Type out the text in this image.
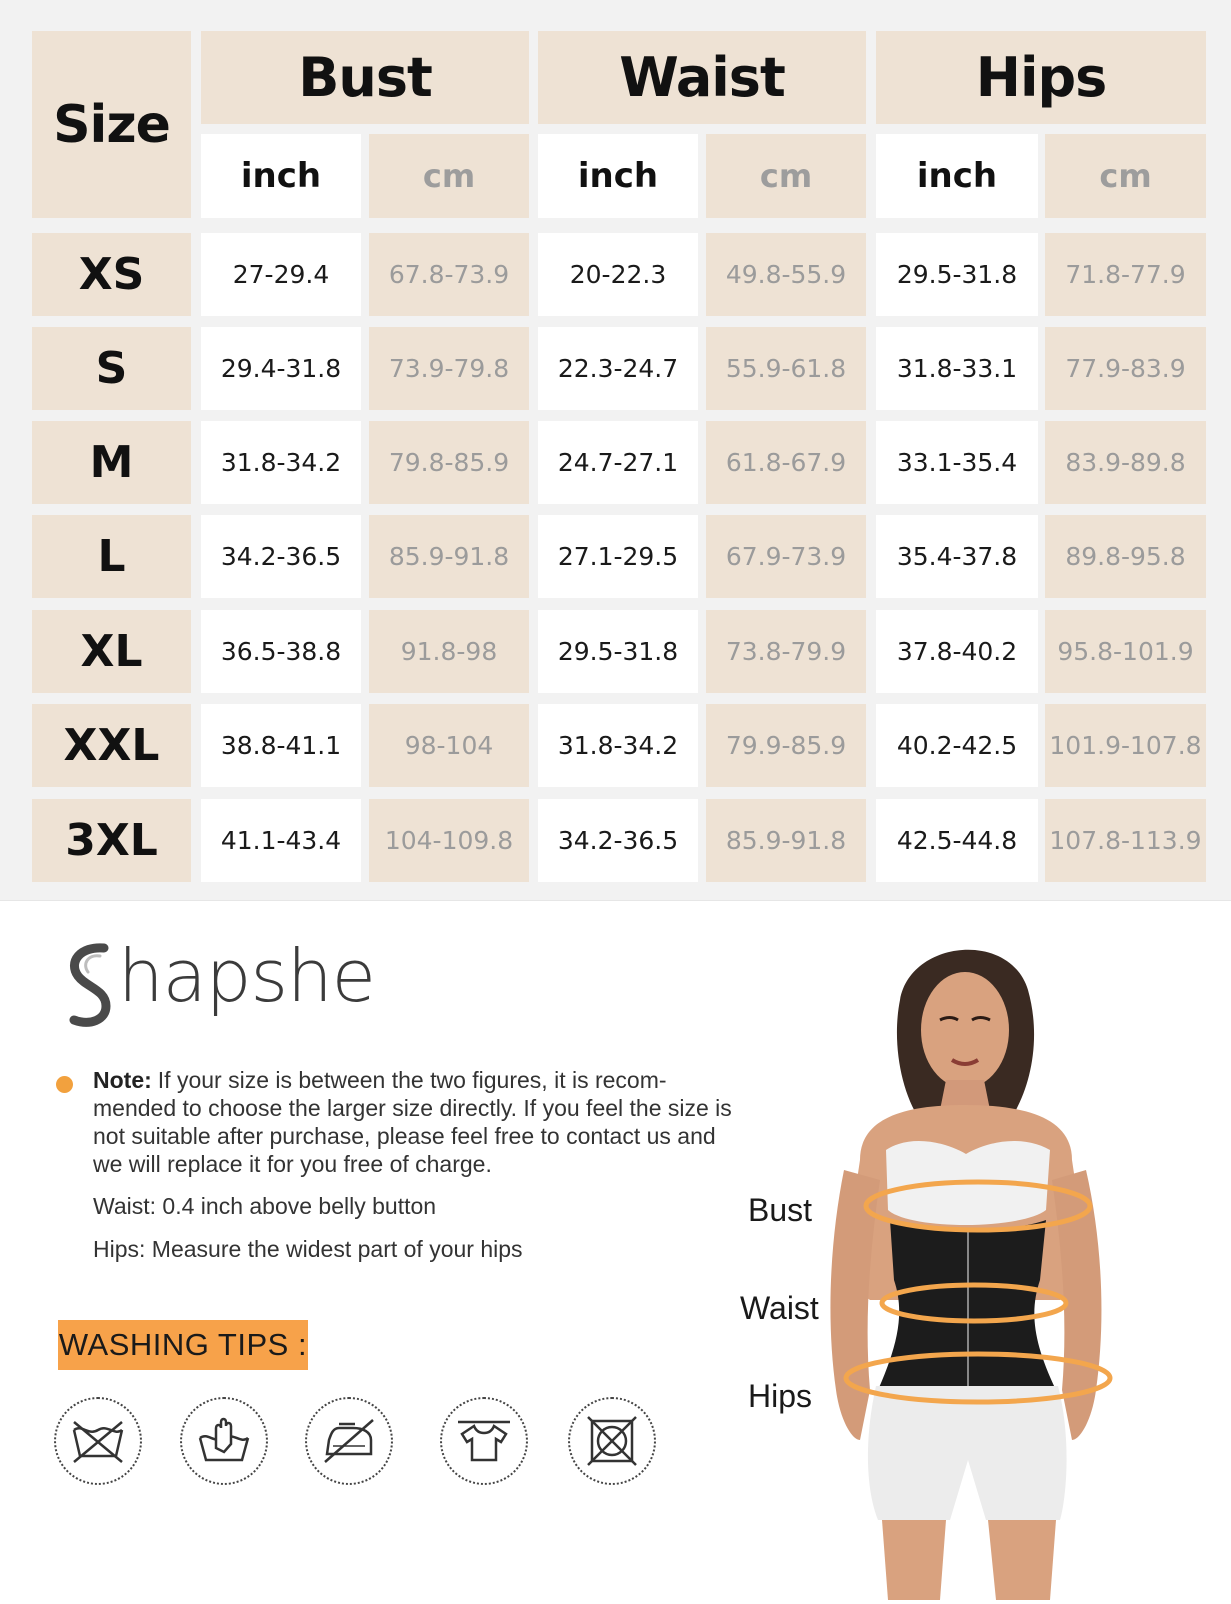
Size
Bust	Waist	Hips
inch	cm	inch	cm	inch	cm
XS	27-29.4	67.8-73.9	20-22.3	49.8-55.9	29.5-31.8	71.8-77.9
S	29.4-31.8	73.9-79.8	22.3-24.7	55.9-61.8	31.8-33.1	77.9-83.9
M	31.8-34.2	79.8-85.9	24.7-27.1	61.8-67.9	33.1-35.4	83.9-89.8
L	34.2-36.5	85.9-91.8	27.1-29.5	67.9-73.9	35.4-37.8	89.8-95.8
XL	36.5-38.8	91.8-98	29.5-31.8	73.8-79.9	37.8-40.2	95.8-101.9
XXL	38.8-41.1	98-104	31.8-34.2	79.9-85.9	40.2-42.5	101.9-107.8
3XL	41.1-43.4	104-109.8	34.2-36.5	85.9-91.8	42.5-44.8	107.8-113.9
hapshe
Note: If your size is between the two figures, it is recom-mended to choose the larger size directly. If you feel the size is not suitable after purchase, please feel free to contact us and we will replace it for you free of charge.
Waist: 0.4 inch above belly button
Hips: Measure the widest part of your hips
WASHING TIPS :
Bust
Waist
Hips
